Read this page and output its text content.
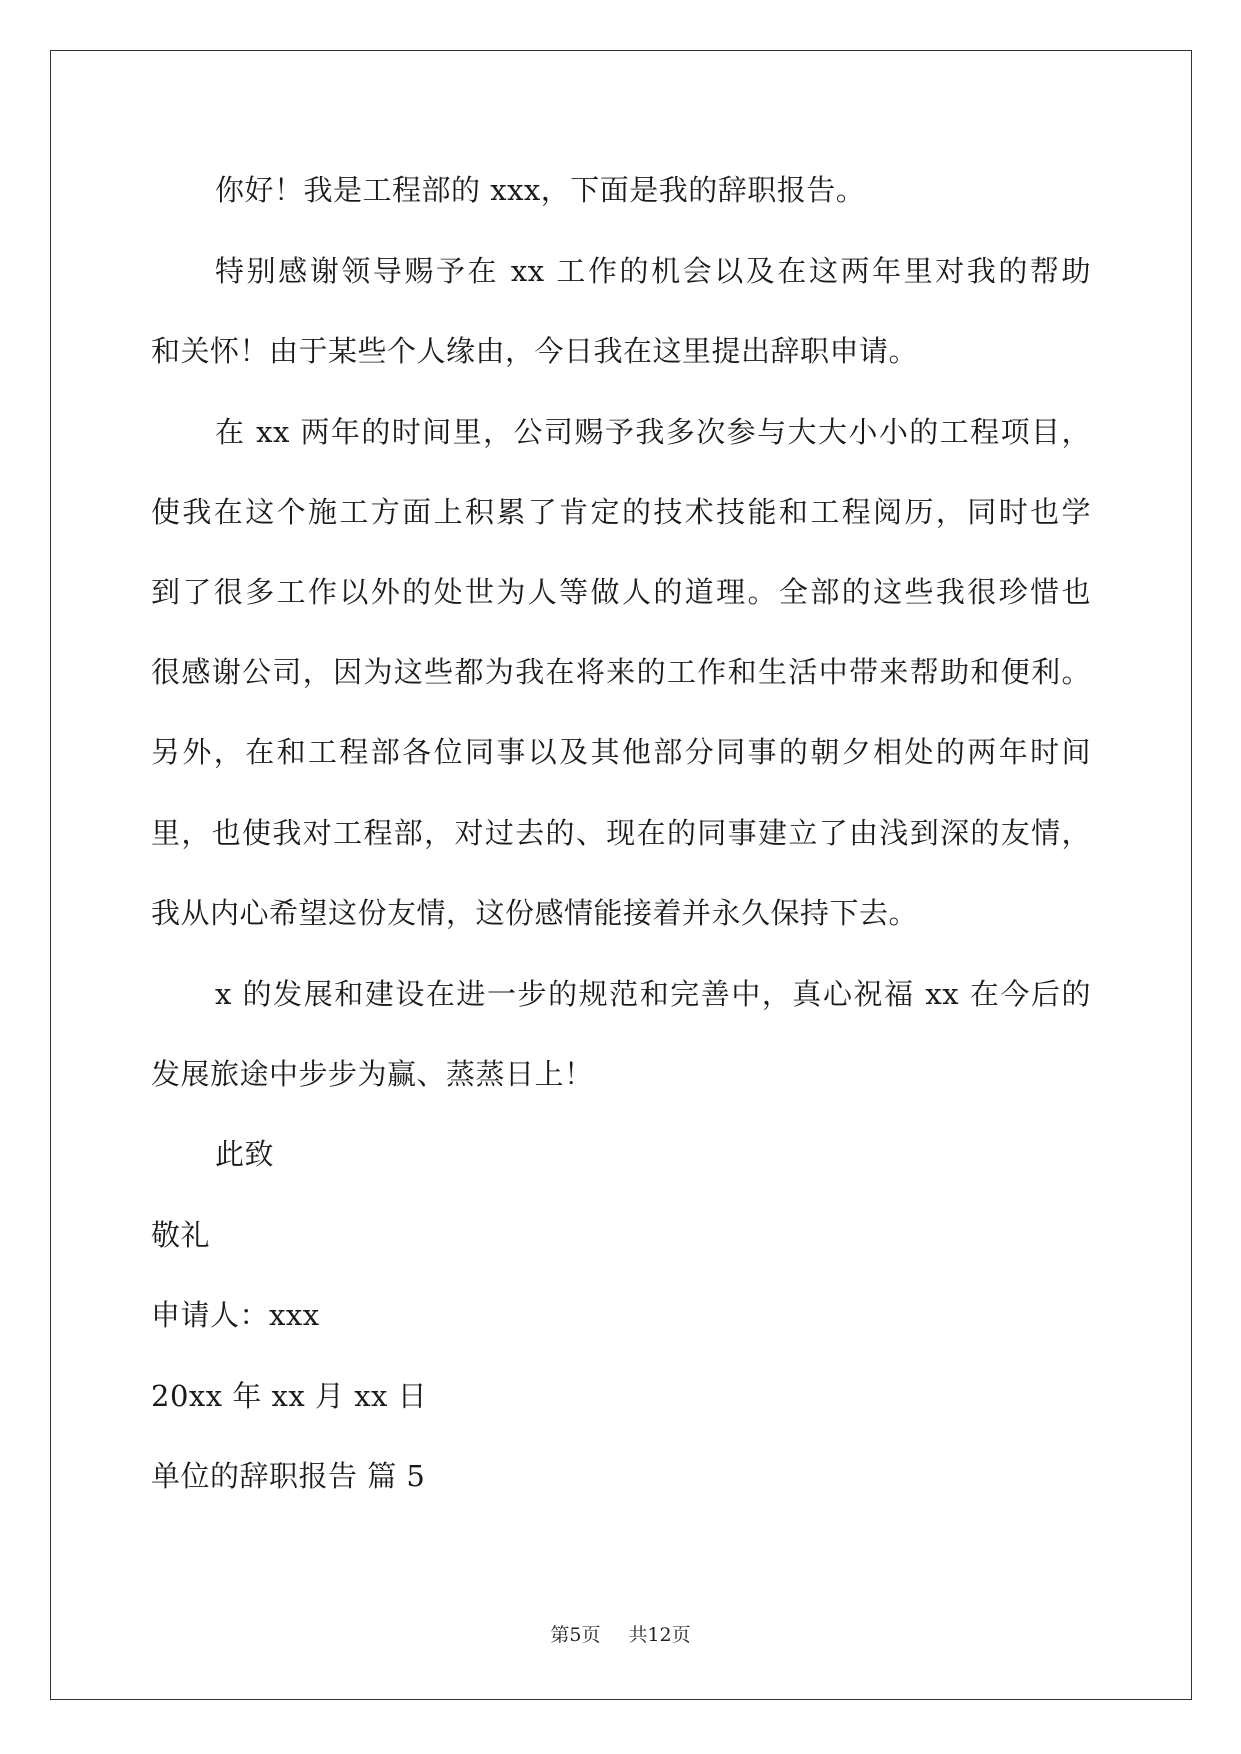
你好！我是工程部的 xxx，下面是我的辞职报告。
特别感谢领导赐予在 xx 工作的机会以及在这两年里对我的帮助
和关怀！由于某些个人缘由，今日我在这里提出辞职申请。
在 xx 两年的时间里，公司赐予我多次参与大大小小的工程项目，
使我在这个施工方面上积累了肯定的技术技能和工程阅历，同时也学
到了很多工作以外的处世为人等做人的道理。全部的这些我很珍惜也
很感谢公司，因为这些都为我在将来的工作和生活中带来帮助和便利。
另外，在和工程部各位同事以及其他部分同事的朝夕相处的两年时间
里，也使我对工程部，对过去的、现在的同事建立了由浅到深的友情，
我从内心希望这份友情，这份感情能接着并永久保持下去。
x 的发展和建设在进一步的规范和完善中，真心祝福 xx 在今后的
发展旅途中步步为赢、蒸蒸日上！
此致
敬礼
申请人：xxx
20xx 年 xx 月 xx 日
单位的辞职报告 篇 5
第5页 共12页
